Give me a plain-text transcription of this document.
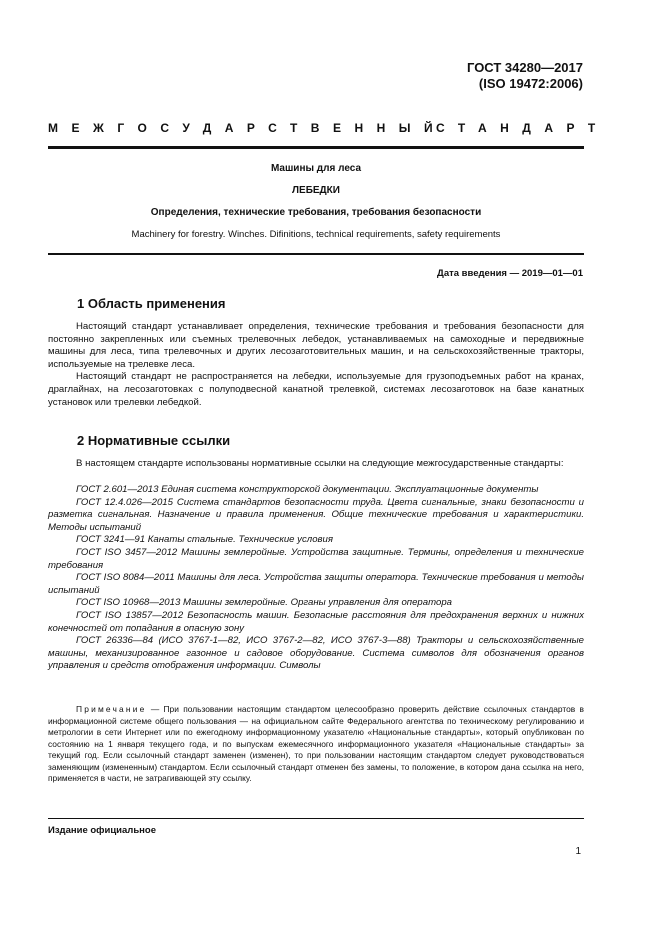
ГОСТ 34280—2017
(ISO 19472:2006)
МЕЖГОСУДАРСТВЕННЫЙ
СТАНДАРТ
Машины для леса
ЛЕБЕДКИ
Определения, технические требования, требования безопасности
Machinery for forestry. Winches. Difinitions, technical requirements, safety requirements
Дата введения — 2019—01—01
1 Область применения

Настоящий стандарт устанавливает определения, технические требования и требования безопасности для постоянно закрепленных или съемных трелевочных лебедок, устанавливаемых на самоходные и передвижные машины для леса, типа трелевочных и других лесозаготовительных машин, и на сельскохозяйственные тракторы, используемые на трелевке леса.

Настоящий стандарт не распространяется на лебедки, используемые для грузоподъемных работ на кранах, драглайнах, на лесозаготовках с полуподвесной канатной трелевкой, системах лесозаготовок на базе канатных установок или трелевки лебедкой.

2 Нормативные ссылки

В настоящем стандарте использованы нормативные ссылки на следующие межгосударственные стандарты:

ГОСТ 2.601—2013 Единая система конструкторской документации. Эксплуатационные документы

ГОСТ 12.4.026—2015 Система стандартов безопасности труда. Цвета сигнальные, знаки безопасности и разметка сигнальная. Назначение и правила применения. Общие технические требования и характеристики. Методы испытаний

ГОСТ 3241—91 Канаты стальные. Технические условия

ГОСТ ISO 3457—2012 Машины землеройные. Устройства защитные. Термины, определения и технические требования

ГОСТ ISO 8084—2011 Машины для леса. Устройства защиты оператора. Технические требования и методы испытаний

ГОСТ ISO 10968—2013 Машины землеройные. Органы управления для оператора

ГОСТ ISO 13857—2012 Безопасность машин. Безопасные расстояния для предохранения верхних и нижних конечностей от попадания в опасную зону

ГОСТ 26336—84 (ИСО 3767-1—82, ИСО 3767-2—82, ИСО 3767-3—88) Тракторы и сельскохозяйственные машины, механизированное газонное и садовое оборудование. Система символов для обозначения органов управления и средств отображения информации. Символы

Примечание — При пользовании настоящим стандартом целесообразно проверить действие ссылочных стандартов в информационной системе общего пользования — на официальном сайте Федерального агентства по техническому регулированию и метрологии в сети Интернет или по ежегодному информационному указателю «Национальные стандарты», который опубликован по состоянию на 1 января текущего года, и по выпускам ежемесячного информационного указателя «Национальные стандарты» за текущий год. Если ссылочный стандарт заменен (изменен), то при пользовании настоящим стандартом следует руководствоваться заменяющим (измененным) стандартом. Если ссылочный стандарт отменен без замены, то положение, в котором дана ссылка на него, применяется в части, не затрагивающей эту ссылку.
Издание официальное
1
